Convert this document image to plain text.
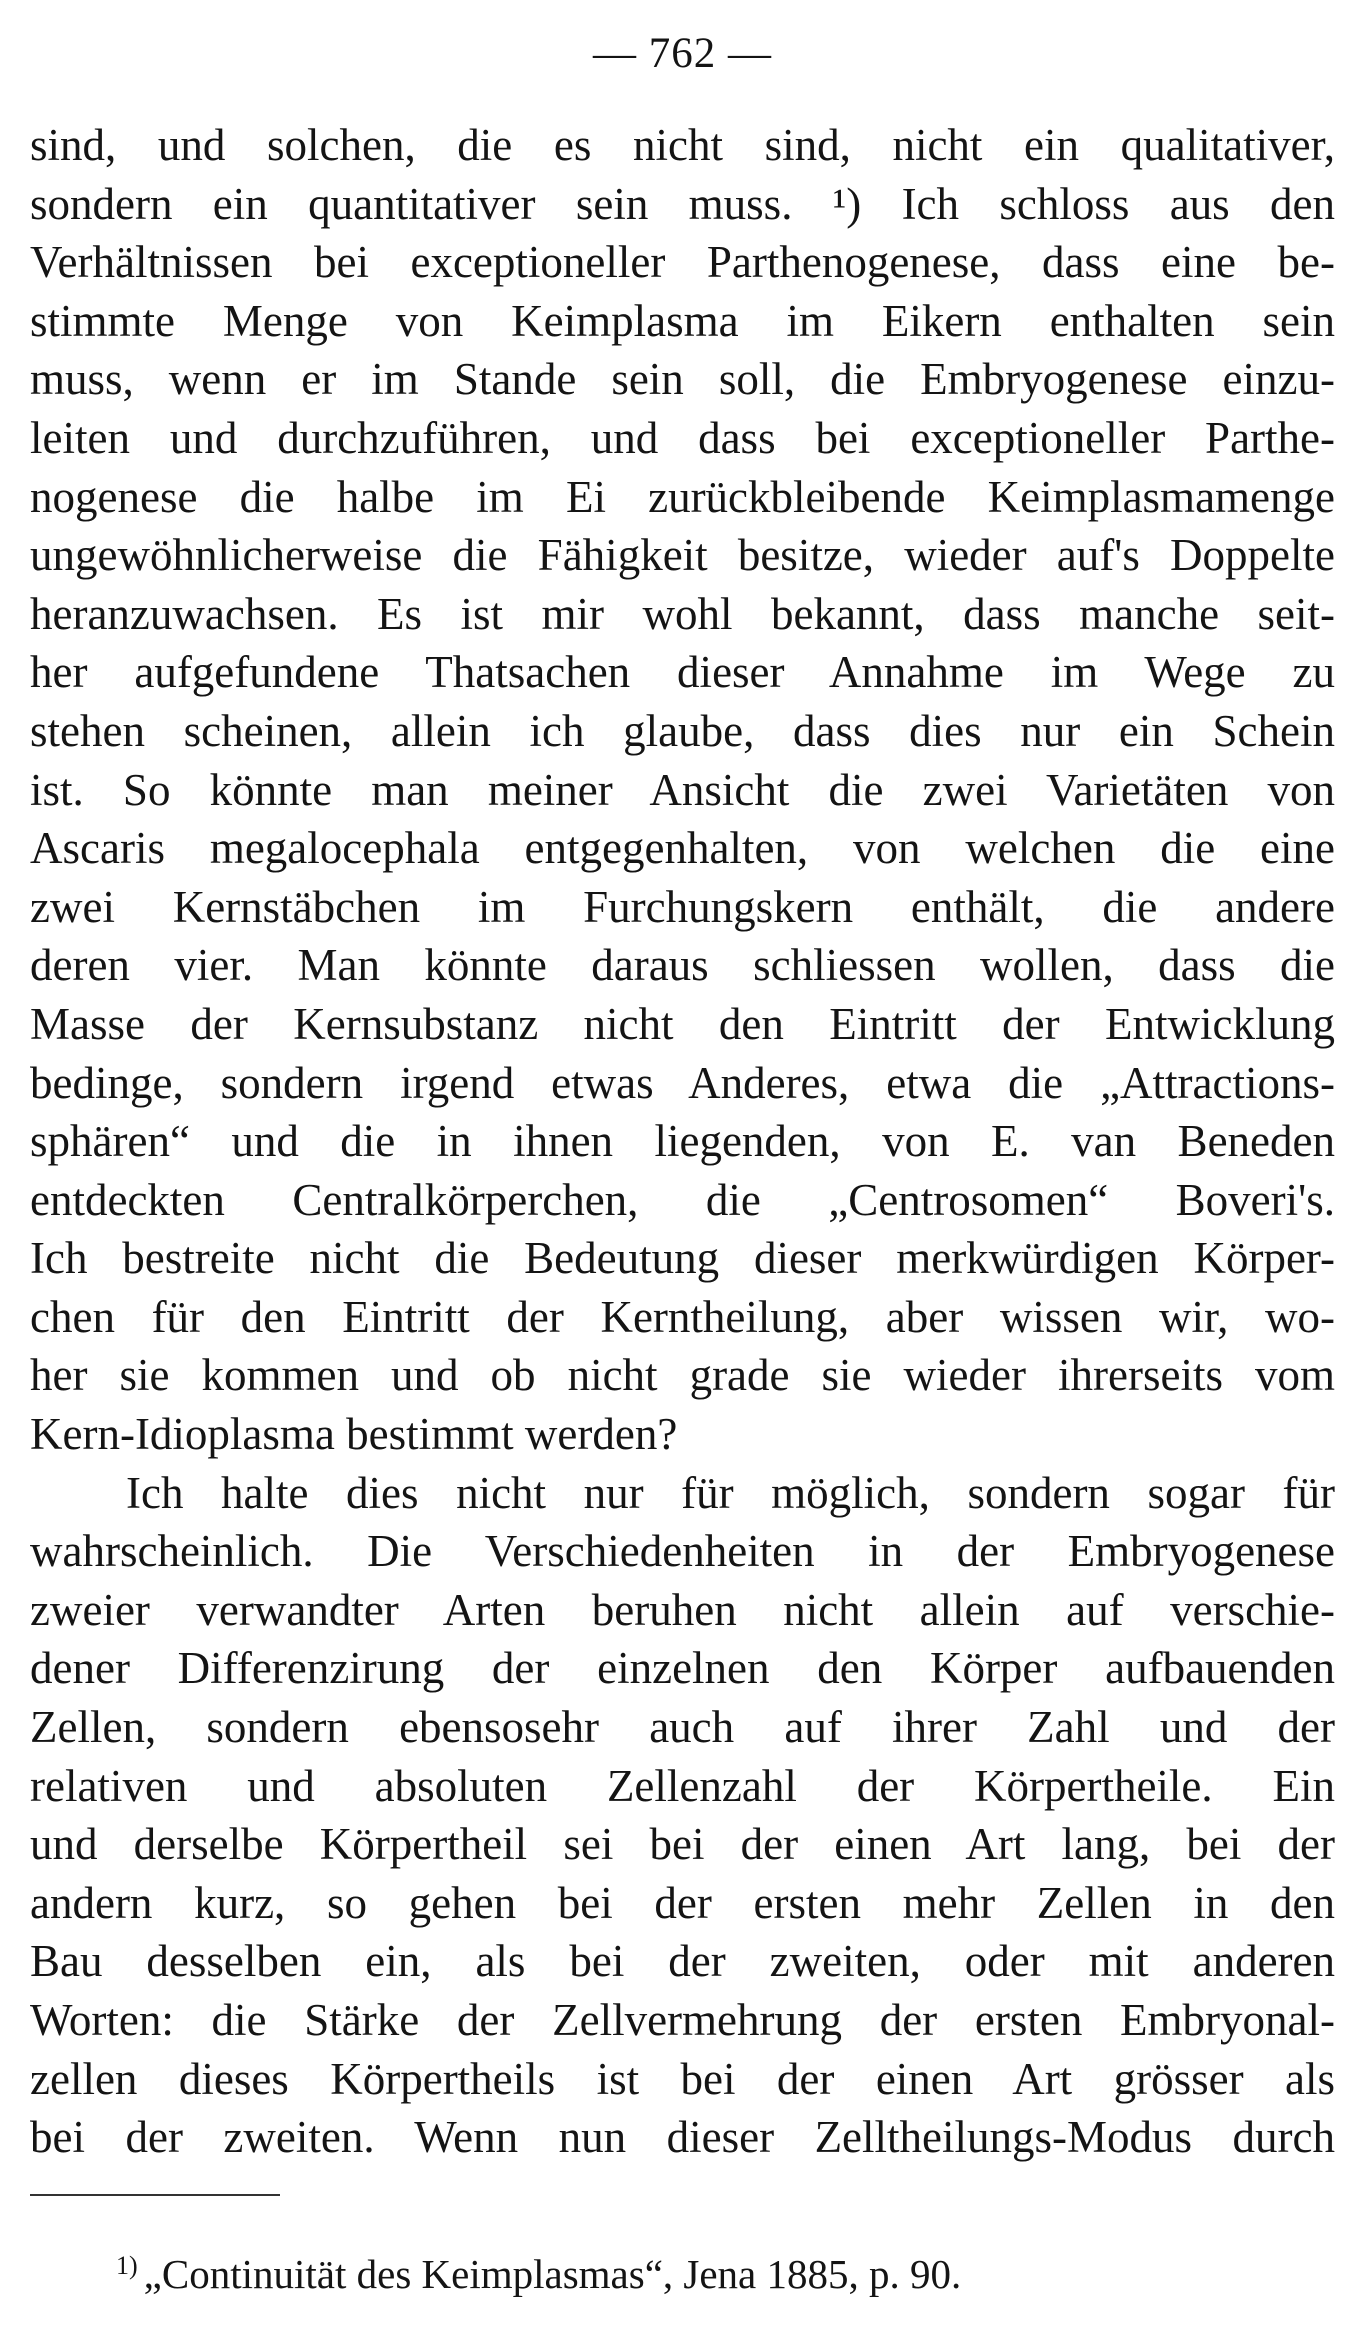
— 762 —
sind, und solchen, die es nicht sind, nicht ein qualitativer,
sondern ein quantitativer sein muss. ¹) Ich schloss aus den
Verhältnissen bei exceptioneller Parthenogenese, dass eine be-
stimmte Menge von Keimplasma im Eikern enthalten sein
muss, wenn er im Stande sein soll, die Embryogenese einzu-
leiten und durchzuführen, und dass bei exceptioneller Parthe-
nogenese die halbe im Ei zurückbleibende Keimplasmamenge
ungewöhnlicherweise die Fähigkeit besitze, wieder auf's Doppelte
heranzuwachsen. Es ist mir wohl bekannt, dass manche seit-
her aufgefundene Thatsachen dieser Annahme im Wege zu
stehen scheinen, allein ich glaube, dass dies nur ein Schein
ist. So könnte man meiner Ansicht die zwei Varietäten von
Ascaris megalocephala entgegenhalten, von welchen die eine
zwei Kernstäbchen im Furchungskern enthält, die andere
deren vier. Man könnte daraus schliessen wollen, dass die
Masse der Kernsubstanz nicht den Eintritt der Entwicklung
bedinge, sondern irgend etwas Anderes, etwa die „Attractions-
sphären“ und die in ihnen liegenden, von E. van Beneden
entdeckten Centralkörperchen, die „Centrosomen“ Boveri's.
Ich bestreite nicht die Bedeutung dieser merkwürdigen Körper-
chen für den Eintritt der Kerntheilung, aber wissen wir, wo-
her sie kommen und ob nicht grade sie wieder ihrerseits vom
Kern-Idioplasma bestimmt werden?
Ich halte dies nicht nur für möglich, sondern sogar für
wahrscheinlich. Die Verschiedenheiten in der Embryogenese
zweier verwandter Arten beruhen nicht allein auf verschie-
dener Differenzirung der einzelnen den Körper aufbauenden
Zellen, sondern ebensosehr auch auf ihrer Zahl und der
relativen und absoluten Zellenzahl der Körpertheile. Ein
und derselbe Körpertheil sei bei der einen Art lang, bei der
andern kurz, so gehen bei der ersten mehr Zellen in den
Bau desselben ein, als bei der zweiten, oder mit anderen
Worten: die Stärke der Zellvermehrung der ersten Embryonal-
zellen dieses Körpertheils ist bei der einen Art grösser als
bei der zweiten. Wenn nun dieser Zelltheilungs-Modus durch
$^{1)}$ „Continuität des Keimplasmas“, Jena 1885, p. 90.
